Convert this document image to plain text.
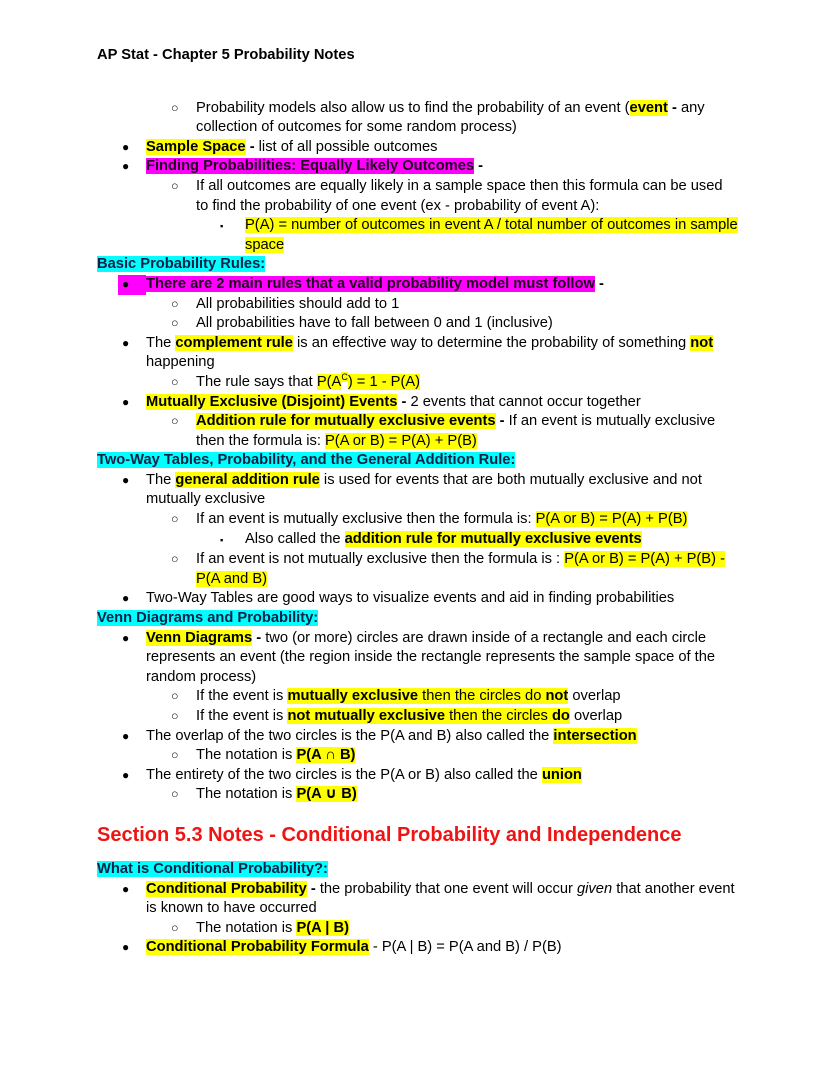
AP Stat - Chapter 5 Probability Notes
○	Probability models also allow us to find the probability of an event (event - any collection of outcomes for some random process)
●	Sample Space - list of all possible outcomes
●	Finding Probabilities: Equally Likely Outcomes -
○	If all outcomes are equally likely in a sample space then this formula can be used to find the probability of one event (ex - probability of event A):
▪	P(A) = number of outcomes in event A / total number of outcomes in sample space
Basic Probability Rules:
●	There are 2 main rules that a valid probability model must follow -
○	All probabilities should add to 1
○	All probabilities have to fall between 0 and 1 (inclusive)
●	The complement rule is an effective way to determine the probability of something not happening
○	The rule says that $P(A^C) = 1 - P(A)$
●	Mutually Exclusive (Disjoint) Events - 2 events that cannot occur together
○	Addition rule for mutually exclusive events - If an event is mutually exclusive then the formula is: P(A or B) = P(A) + P(B)
Two-Way Tables, Probability, and the General Addition Rule:
●	The general addition rule is used for events that are both mutually exclusive and not mutually exclusive
○	If an event is mutually exclusive then the formula is: P(A or B) = P(A) + P(B)
▪	Also called the addition rule for mutually exclusive events
○	If an event is not mutually exclusive then the formula is : P(A or B) = P(A) + P(B) - P(A and B)
●	Two-Way Tables are good ways to visualize events and aid in finding probabilities
Venn Diagrams and Probability:
●	Venn Diagrams - two (or more) circles are drawn inside of a rectangle and each circle represents an event (the region inside the rectangle represents the sample space of the random process)
○	If the event is mutually exclusive then the circles do not overlap
○	If the event is not mutually exclusive then the circles do overlap
●	The overlap of the two circles is the P(A and B) also called the intersection
○	The notation is P(A ∩ B)
●	The entirety of the two circles is the P(A or B) also called the union
○	The notation is P(A ∪ B)
Section 5.3 Notes - Conditional Probability and Independence
What is Conditional Probability?:
●	Conditional Probability - the probability that one event will occur given that another event is known to have occurred
○	The notation is P(A | B)
●	Conditional Probability Formula - P(A | B) = P(A and B) / P(B)
